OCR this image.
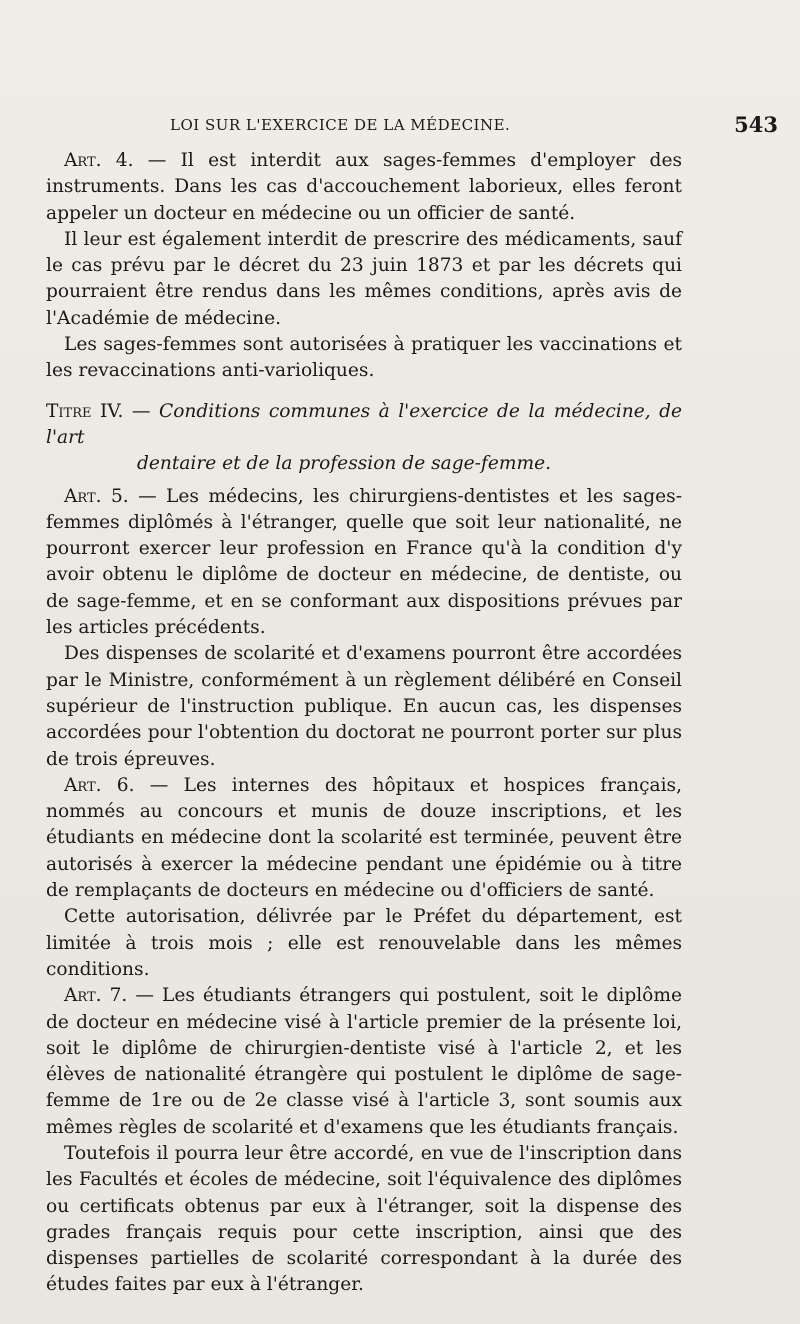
LOI SUR L'EXERCICE DE LA MÉDECINE.	543

Art. 4. — Il est interdit aux sages-femmes d'employer des instruments. Dans les cas d'accouchement laborieux, elles feront appeler un docteur en médecine ou un officier de santé.

Il leur est également interdit de prescrire des médicaments, sauf le cas prévu par le décret du 23 juin 1873 et par les décrets qui pourraient être rendus dans les mêmes conditions, après avis de l'Académie de médecine.

Les sages-femmes sont autorisées à pratiquer les vaccinations et les revaccinations anti-varioliques.

Titre IV. — Conditions communes à l'exercice de la médecine, de l'art

dentaire et de la profession de sage-femme.

Art. 5. — Les médecins, les chirurgiens-dentistes et les sages-femmes diplômés à l'étranger, quelle que soit leur nationalité, ne pourront exercer leur profession en France qu'à la condition d'y avoir obtenu le diplôme de docteur en médecine, de dentiste, ou de sage-femme, et en se conformant aux dispositions prévues par les articles précédents.

Des dispenses de scolarité et d'examens pourront être accordées par le Ministre, conformément à un règlement délibéré en Conseil supérieur de l'instruction publique. En aucun cas, les dispenses accordées pour l'obtention du doctorat ne pourront porter sur plus de trois épreuves.

Art. 6. — Les internes des hôpitaux et hospices français, nommés au concours et munis de douze inscriptions, et les étudiants en médecine dont la scolarité est terminée, peuvent être autorisés à exercer la médecine pendant une épidémie ou à titre de remplaçants de docteurs en médecine ou d'officiers de santé.

Cette autorisation, délivrée par le Préfet du département, est limitée à trois mois ; elle est renouvelable dans les mêmes conditions.

Art. 7. — Les étudiants étrangers qui postulent, soit le diplôme de docteur en médecine visé à l'article premier de la présente loi, soit le diplôme de chirurgien-dentiste visé à l'article 2, et les élèves de nationalité étrangère qui postulent le diplôme de sage-femme de 1re ou de 2e classe visé à l'article 3, sont soumis aux mêmes règles de scolarité et d'examens que les étudiants français.

Toutefois il pourra leur être accordé, en vue de l'inscription dans les Facultés et écoles de médecine, soit l'équivalence des diplômes ou certificats obtenus par eux à l'étranger, soit la dispense des grades français requis pour cette inscription, ainsi que des dispenses partielles de scolarité correspondant à la durée des études faites par eux à l'étranger.
